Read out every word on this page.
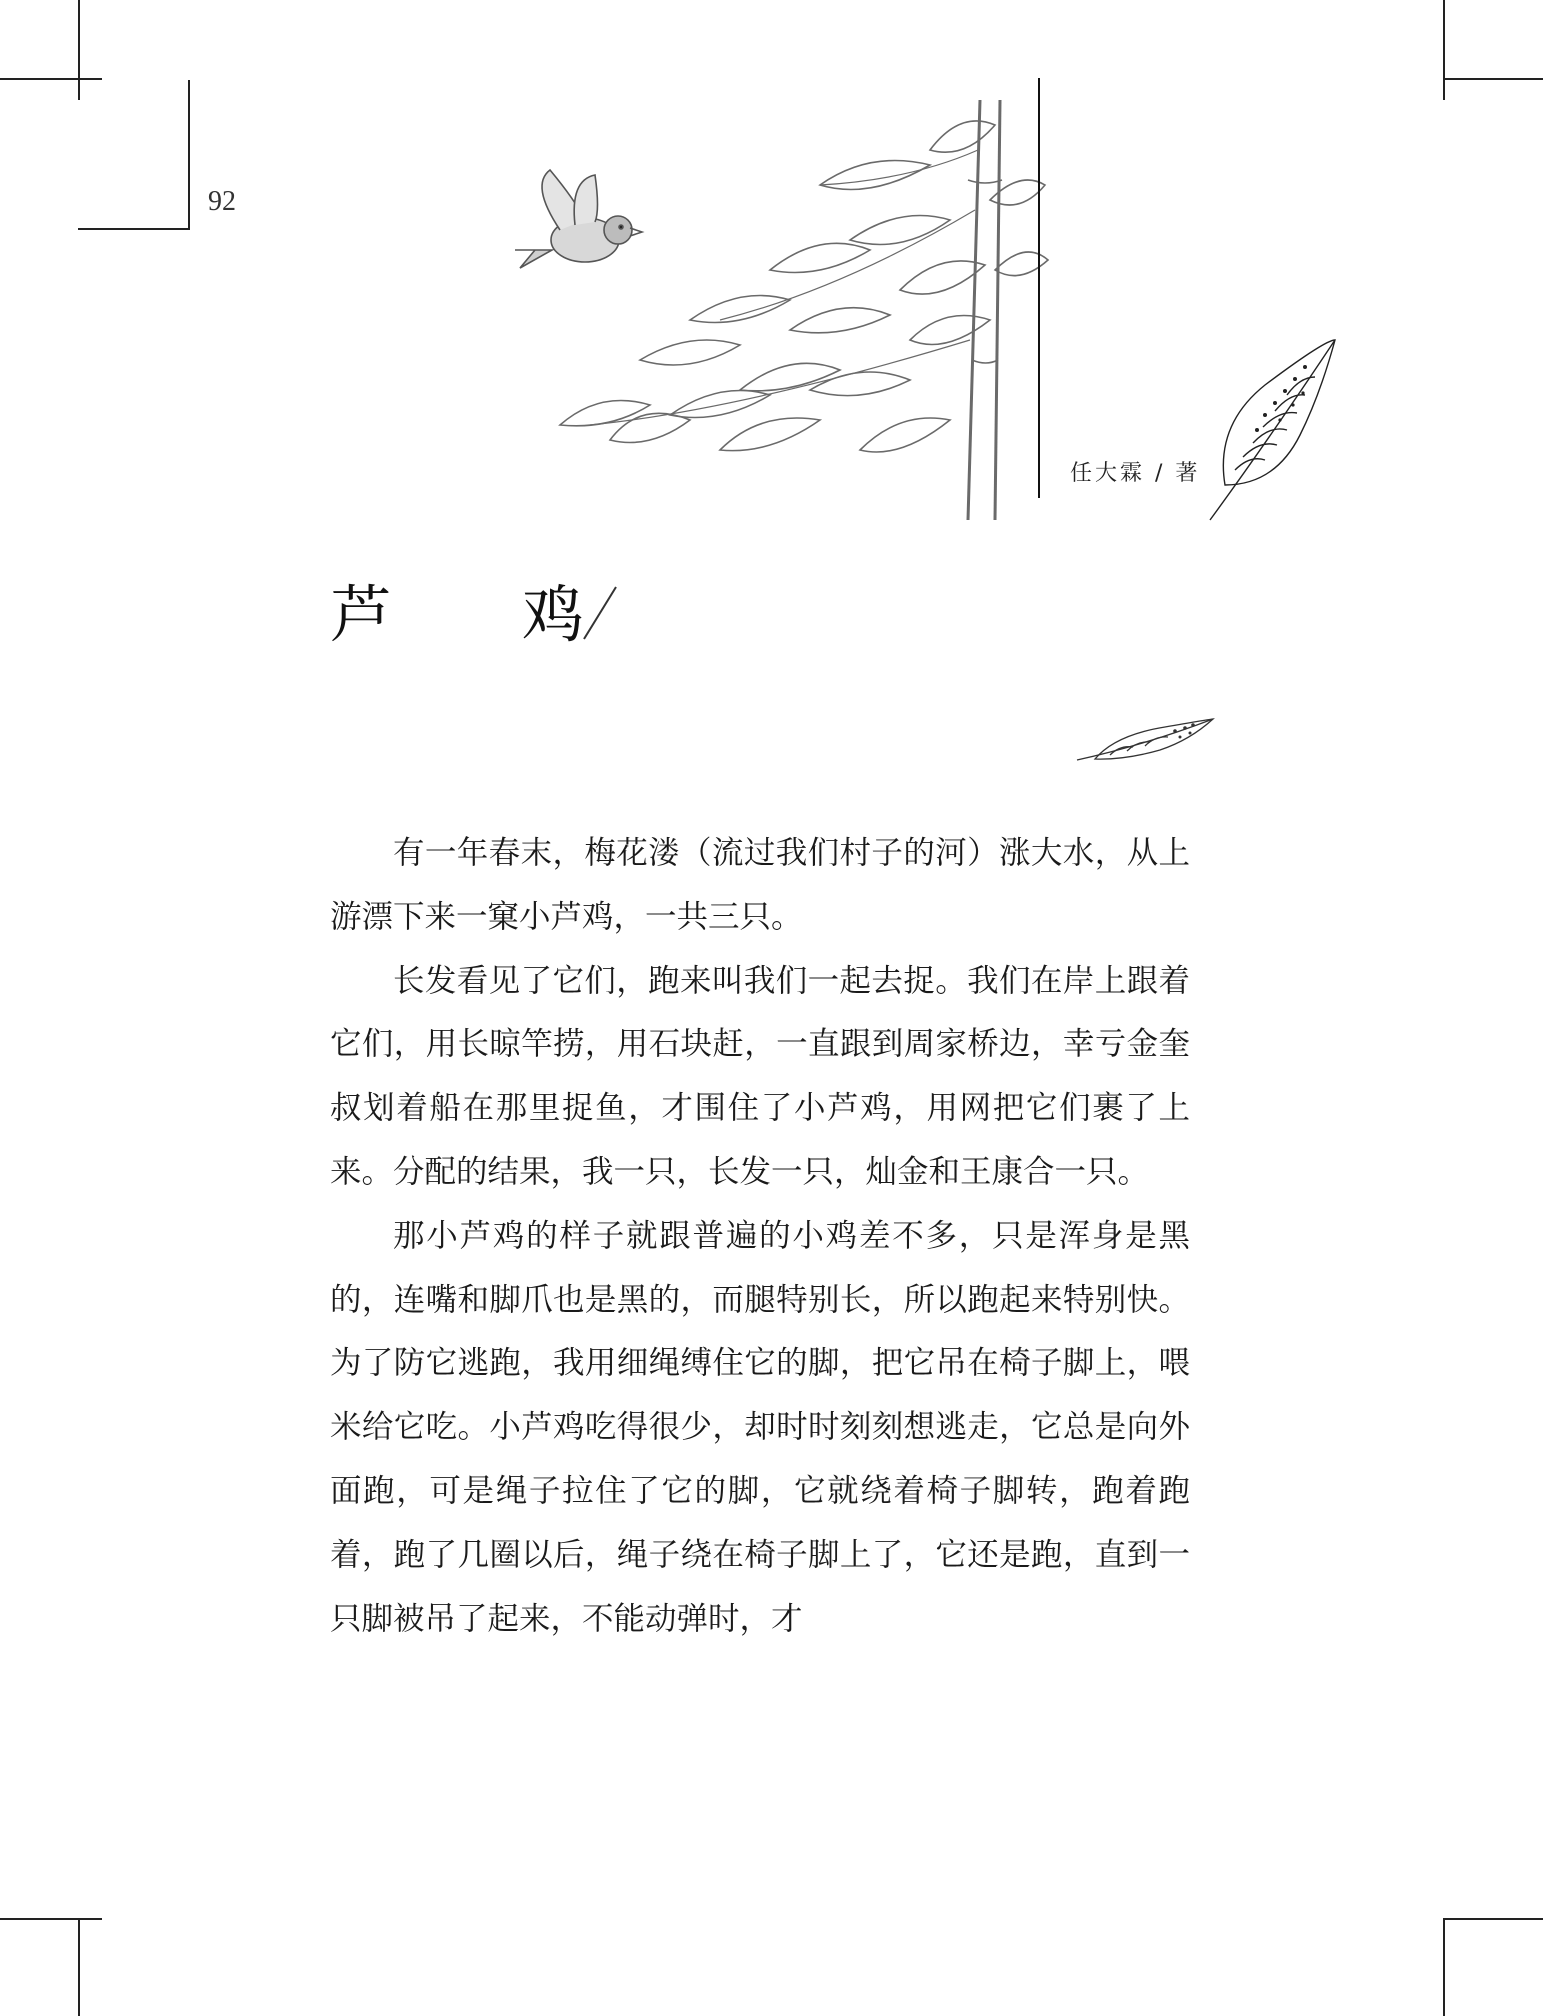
92
任大霖 / 著
芦　　鸡

有一年春末，梅花溇（流过我们村子的河）涨大水，从上游漂下来一窠小芦鸡，一共三只。

长发看见了它们，跑来叫我们一起去捉。我们在岸上跟着它们，用长晾竿捞，用石块赶，一直跟到周家桥边，幸亏金奎叔划着船在那里捉鱼，才围住了小芦鸡，用网把它们裹了上来。分配的结果，我一只，长发一只，灿金和王康合一只。

那小芦鸡的样子就跟普遍的小鸡差不多，只是浑身是黑的，连嘴和脚爪也是黑的，而腿特别长，所以跑起来特别快。为了防它逃跑，我用细绳缚住它的脚，把它吊在椅子脚上，喂米给它吃。小芦鸡吃得很少，却时时刻刻想逃走，它总是向外面跑，可是绳子拉住了它的脚，它就绕着椅子脚转，跑着跑着，跑了几圈以后，绳子绕在椅子脚上了，它还是跑，直到一只脚被吊了起来，不能动弹时，才
